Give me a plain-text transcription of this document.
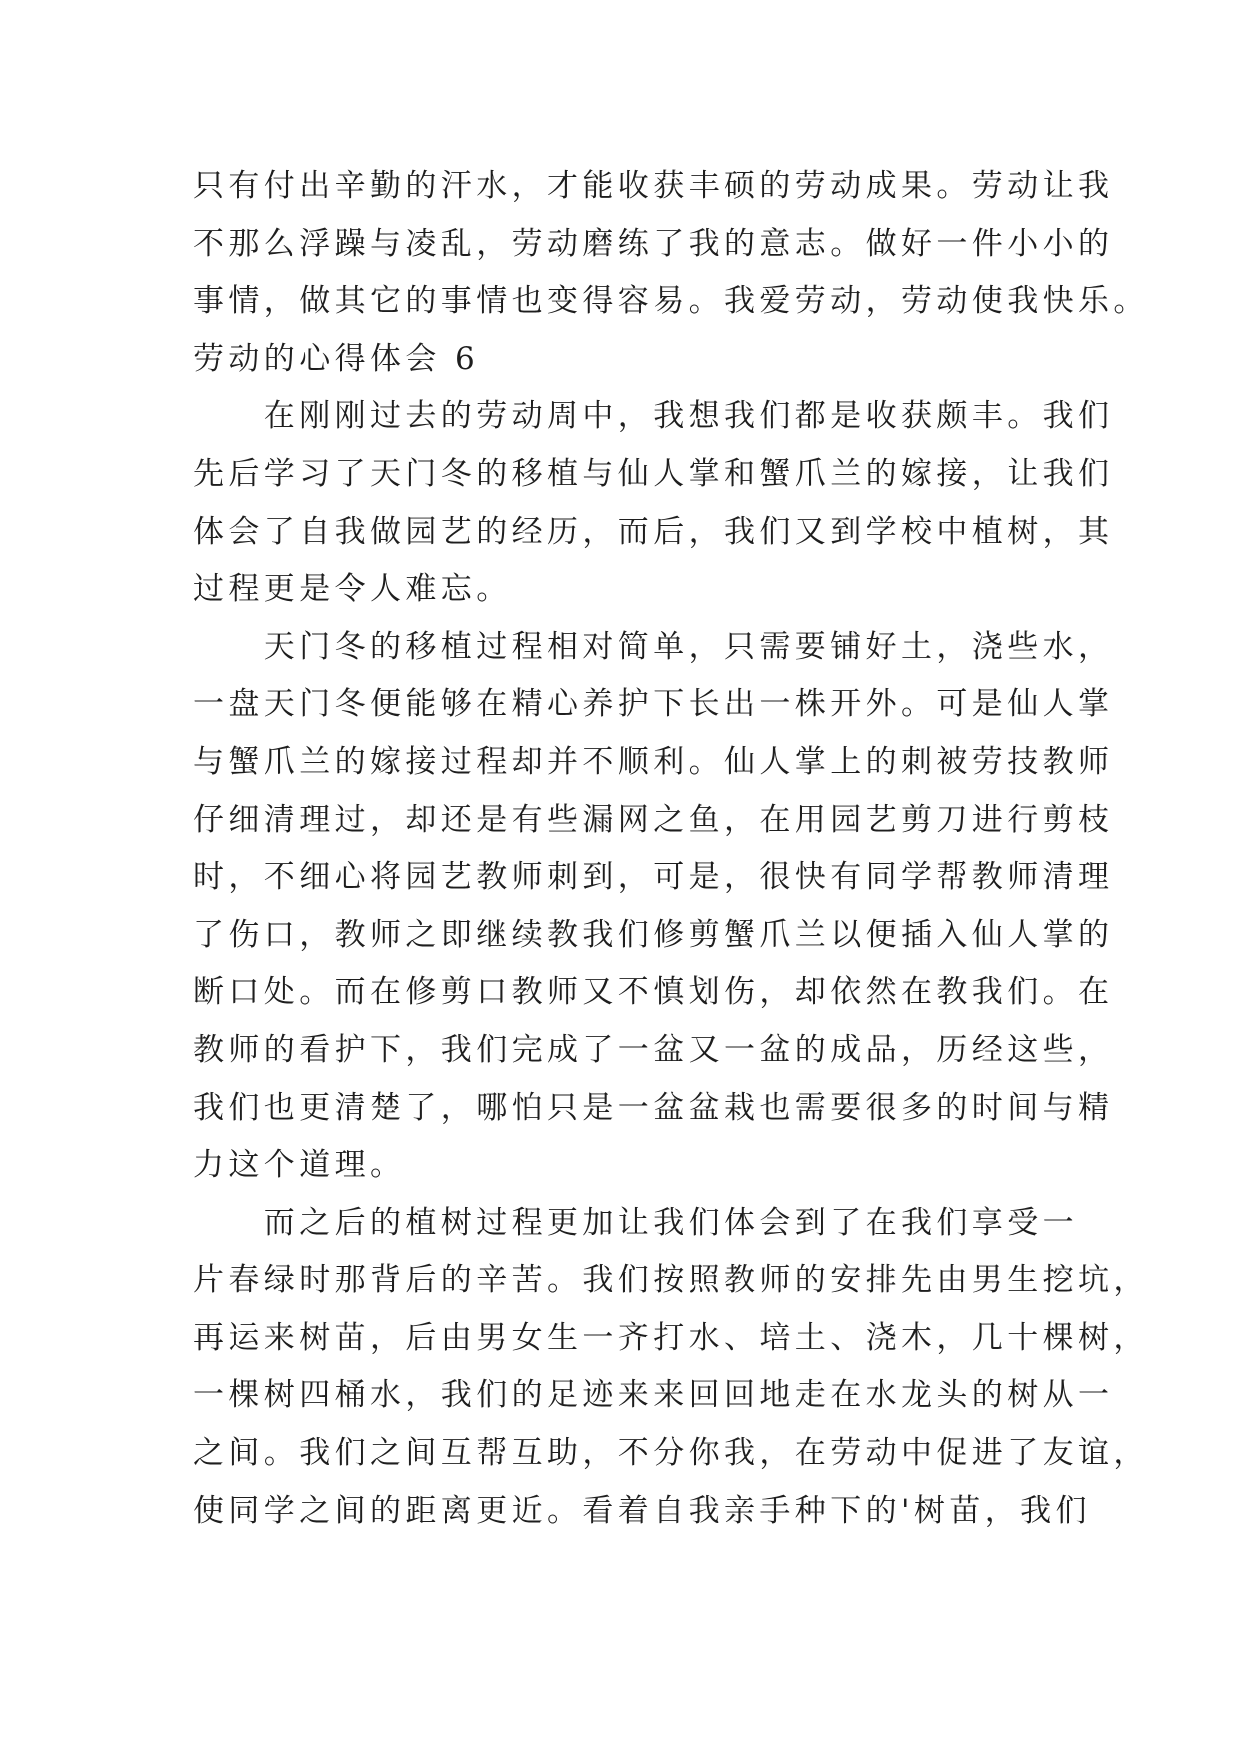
只有付出辛勤的汗水，才能收获丰硕的劳动成果。劳动让我
不那么浮躁与凌乱，劳动磨练了我的意志。做好一件小小的
事情，做其它的事情也变得容易。我爱劳动，劳动使我快乐。
劳动的心得体会 6
　　在刚刚过去的劳动周中，我想我们都是收获颇丰。我们
先后学习了天门冬的移植与仙人掌和蟹爪兰的嫁接，让我们
体会了自我做园艺的经历，而后，我们又到学校中植树，其
过程更是令人难忘。
　　天门冬的移植过程相对简单，只需要铺好土，浇些水，
一盘天门冬便能够在精心养护下长出一株开外。可是仙人掌
与蟹爪兰的嫁接过程却并不顺利。仙人掌上的刺被劳技教师
仔细清理过，却还是有些漏网之鱼，在用园艺剪刀进行剪枝
时，不细心将园艺教师刺到，可是，很快有同学帮教师清理
了伤口，教师之即继续教我们修剪蟹爪兰以便插入仙人掌的
断口处。而在修剪口教师又不慎划伤，却依然在教我们。在
教师的看护下，我们完成了一盆又一盆的成品，历经这些，
我们也更清楚了，哪怕只是一盆盆栽也需要很多的时间与精
力这个道理。
　　而之后的植树过程更加让我们体会到了在我们享受一
片春绿时那背后的辛苦。我们按照教师的安排先由男生挖坑，
再运来树苗，后由男女生一齐打水、培土、浇木，几十棵树，
一棵树四桶水，我们的足迹来来回回地走在水龙头的树从一
之间。我们之间互帮互助，不分你我，在劳动中促进了友谊，
使同学之间的距离更近。看着自我亲手种下的'树苗，我们
